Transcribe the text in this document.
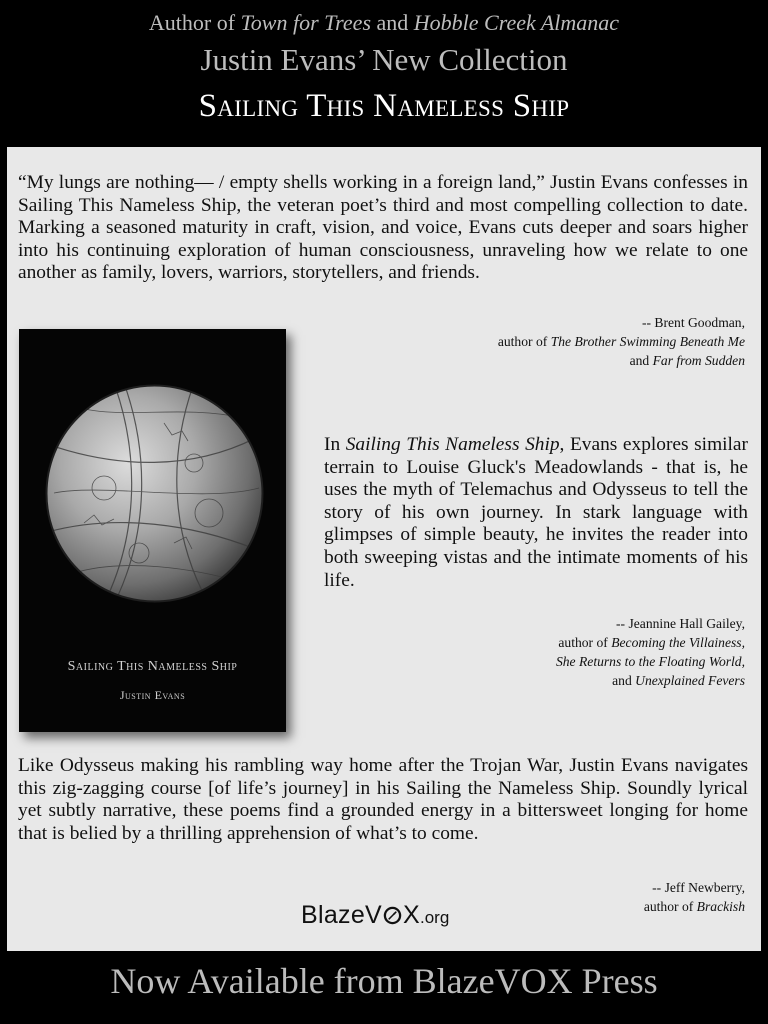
Author of Town for Trees and Hobble Creek Almanac
Justin Evans’ New Collection
Sailing This Nameless Ship
“My lungs are nothing— / empty shells working in a foreign land,” Justin Evans confesses in Sailing This Nameless Ship, the veteran poet’s third and most compelling collection to date. Marking a seasoned maturity in craft, vision, and voice, Evans cuts deeper and soars higher into his continuing exploration of human consciousness, unraveling how we relate to one another as family, lovers, warriors, storytellers, and friends.
-- Brent Goodman,
author of The Brother Swimming Beneath Me
and Far from Sudden
Sailing This Nameless Ship
Justin Evans
In Sailing This Nameless Ship, Evans explores similar terrain to Louise Gluck's Meadowlands - that is, he uses the myth of Telemachus and Odysseus to tell the story of his own journey. In stark language with glimpses of simple beauty, he invites the reader into both sweeping vistas and the intimate moments of his life.
-- Jeannine Hall Gailey,
author of Becoming the Villainess,
She Returns to the Floating World,
and Unexplained Fevers
Like Odysseus making his rambling way home after the Trojan War, Justin Evans navigates this zig-zagging course [of life’s journey] in his Sailing the Nameless Ship. Soundly lyrical yet subtly narrative, these poems find a grounded energy in a bittersweet longing for home that is belied by a thrilling apprehension of what’s to come.
-- Jeff Newberry,
author of Brackish
BlazeV X.org
Now Available from BlazeVOX Press
